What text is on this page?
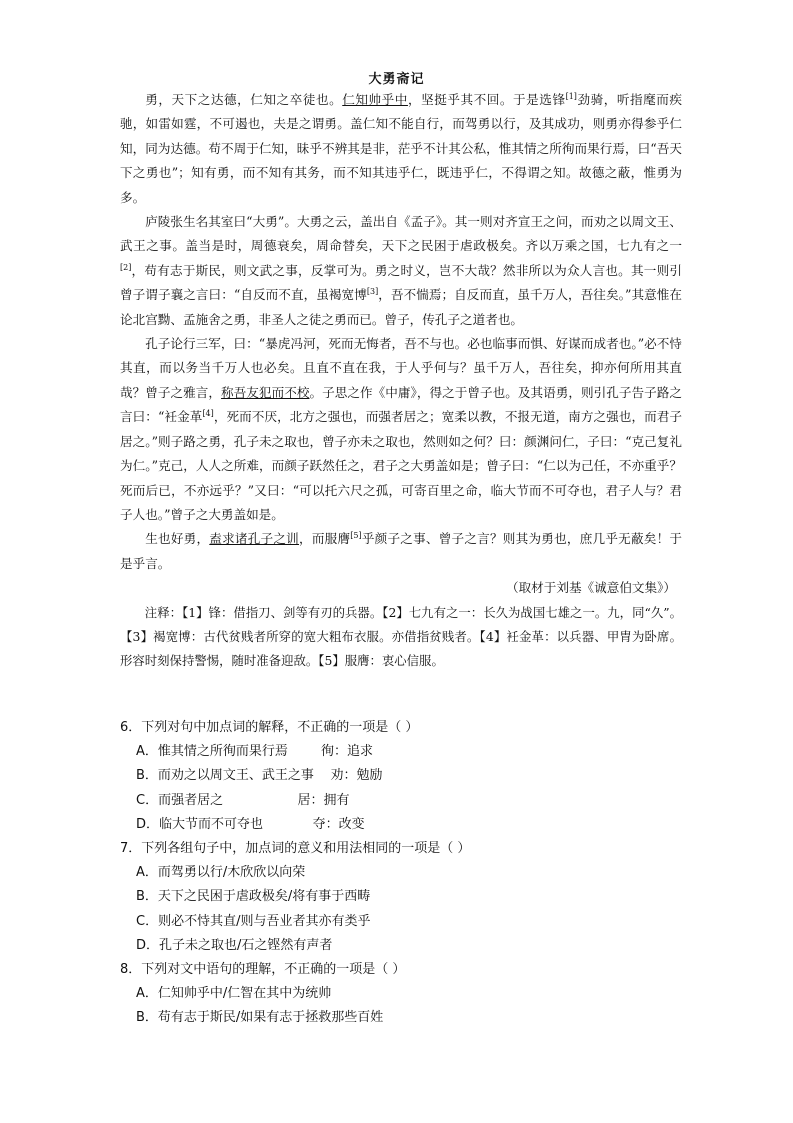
大勇斋记

勇，天下之达德，仁知之卒徒也。仁知帅乎中，坚挺乎其不回。于是选锋[1]劲骑，听指麾而疾驰，如雷如霆，不可遏也，夫是之谓勇。盖仁知不能自行，而驾勇以行，及其成功，则勇亦得参乎仁知，同为达德。苟不周于仁知，昧乎不辨其是非，茫乎不计其公私，惟其情之所徇而果行焉，曰“吾天下之勇也”；知有勇，而不知有其务，而不知其违乎仁，既违乎仁，不得谓之知。故德之蔽，惟勇为多。

庐陵张生名其室曰“大勇”。大勇之云，盖出自《孟子》。其一则对齐宣王之问，而劝之以周文王、武王之事。盖当是时，周德衰矣，周命替矣，天下之民困于虐政极矣。齐以万乘之国，七九有之一[2]，苟有志于斯民，则文武之事，反掌可为。勇之时义，岂不大哉？然非所以为众人言也。其一则引曾子谓子襄之言曰：“自反而不直，虽褐宽博[3]，吾不惴焉；自反而直，虽千万人，吾往矣。”其意惟在论北宫黝、孟施舍之勇，非圣人之徒之勇而已。曾子，传孔子之道者也。

孔子论行三军，曰：“暴虎冯河，死而无悔者，吾不与也。必也临事而惧、好谋而成者也。”必不恃其直，而以务当千万人也必矣。且直不直在我，于人乎何与？虽千万人，吾往矣，抑亦何所用其直哉？曾子之雅言，称吾友犯而不校。子思之作《中庸》，得之于曾子也。及其语勇，则引孔子告子路之言曰：“衽金革[4]，死而不厌，北方之强也，而强者居之；宽柔以教，不报无道，南方之强也，而君子居之。”则子路之勇，孔子未之取也，曾子亦未之取也，然则如之何？曰：颜渊问仁，子曰：“克己复礼为仁。”克己，人人之所难，而颜子跃然任之，君子之大勇盖如是；曾子曰：“仁以为己任，不亦重乎？死而后已，不亦远乎？”又曰：“可以托六尺之孤，可寄百里之命，临大节而不可夺也，君子人与？君子人也。”曾子之大勇盖如是。

生也好勇，盍求诸孔子之训，而服膺[5]乎颜子之事、曾子之言？则其为勇也，庶几乎无蔽矣！于是乎言。

（取材于刘基《诚意伯文集》）

注释：【1】锋：借指刀、剑等有刃的兵器。【2】七九有之一：长久为战国七雄之一。九，同“久”。【3】褐宽博：古代贫贱者所穿的宽大粗布衣服。亦借指贫贱者。【4】衽金革：以兵器、甲胄为卧席。形容时刻保持警惕，随时准备迎敌。【5】服膺：衷心信服。

6．下列对句中加点词的解释，不正确的一项是（ ）

A．惟其情之所徇而果行焉        徇：追求

B．而劝之以周文王、武王之事    劝：勉励

C．而强者居之                  居：拥有

D．临大节而不可夺也            夺：改变

7．下列各组句子中，加点词的意义和用法相同的一项是（ ）

A．而驾勇以行/木欣欣以向荣

B．天下之民困于虐政极矣/将有事于西畴

C．则必不恃其直/则与吾业者其亦有类乎

D．孔子未之取也/石之铿然有声者

8．下列对文中语句的理解，不正确的一项是（ ）

A．仁知帅乎中/仁智在其中为统帅

B．苟有志于斯民/如果有志于拯救那些百姓
